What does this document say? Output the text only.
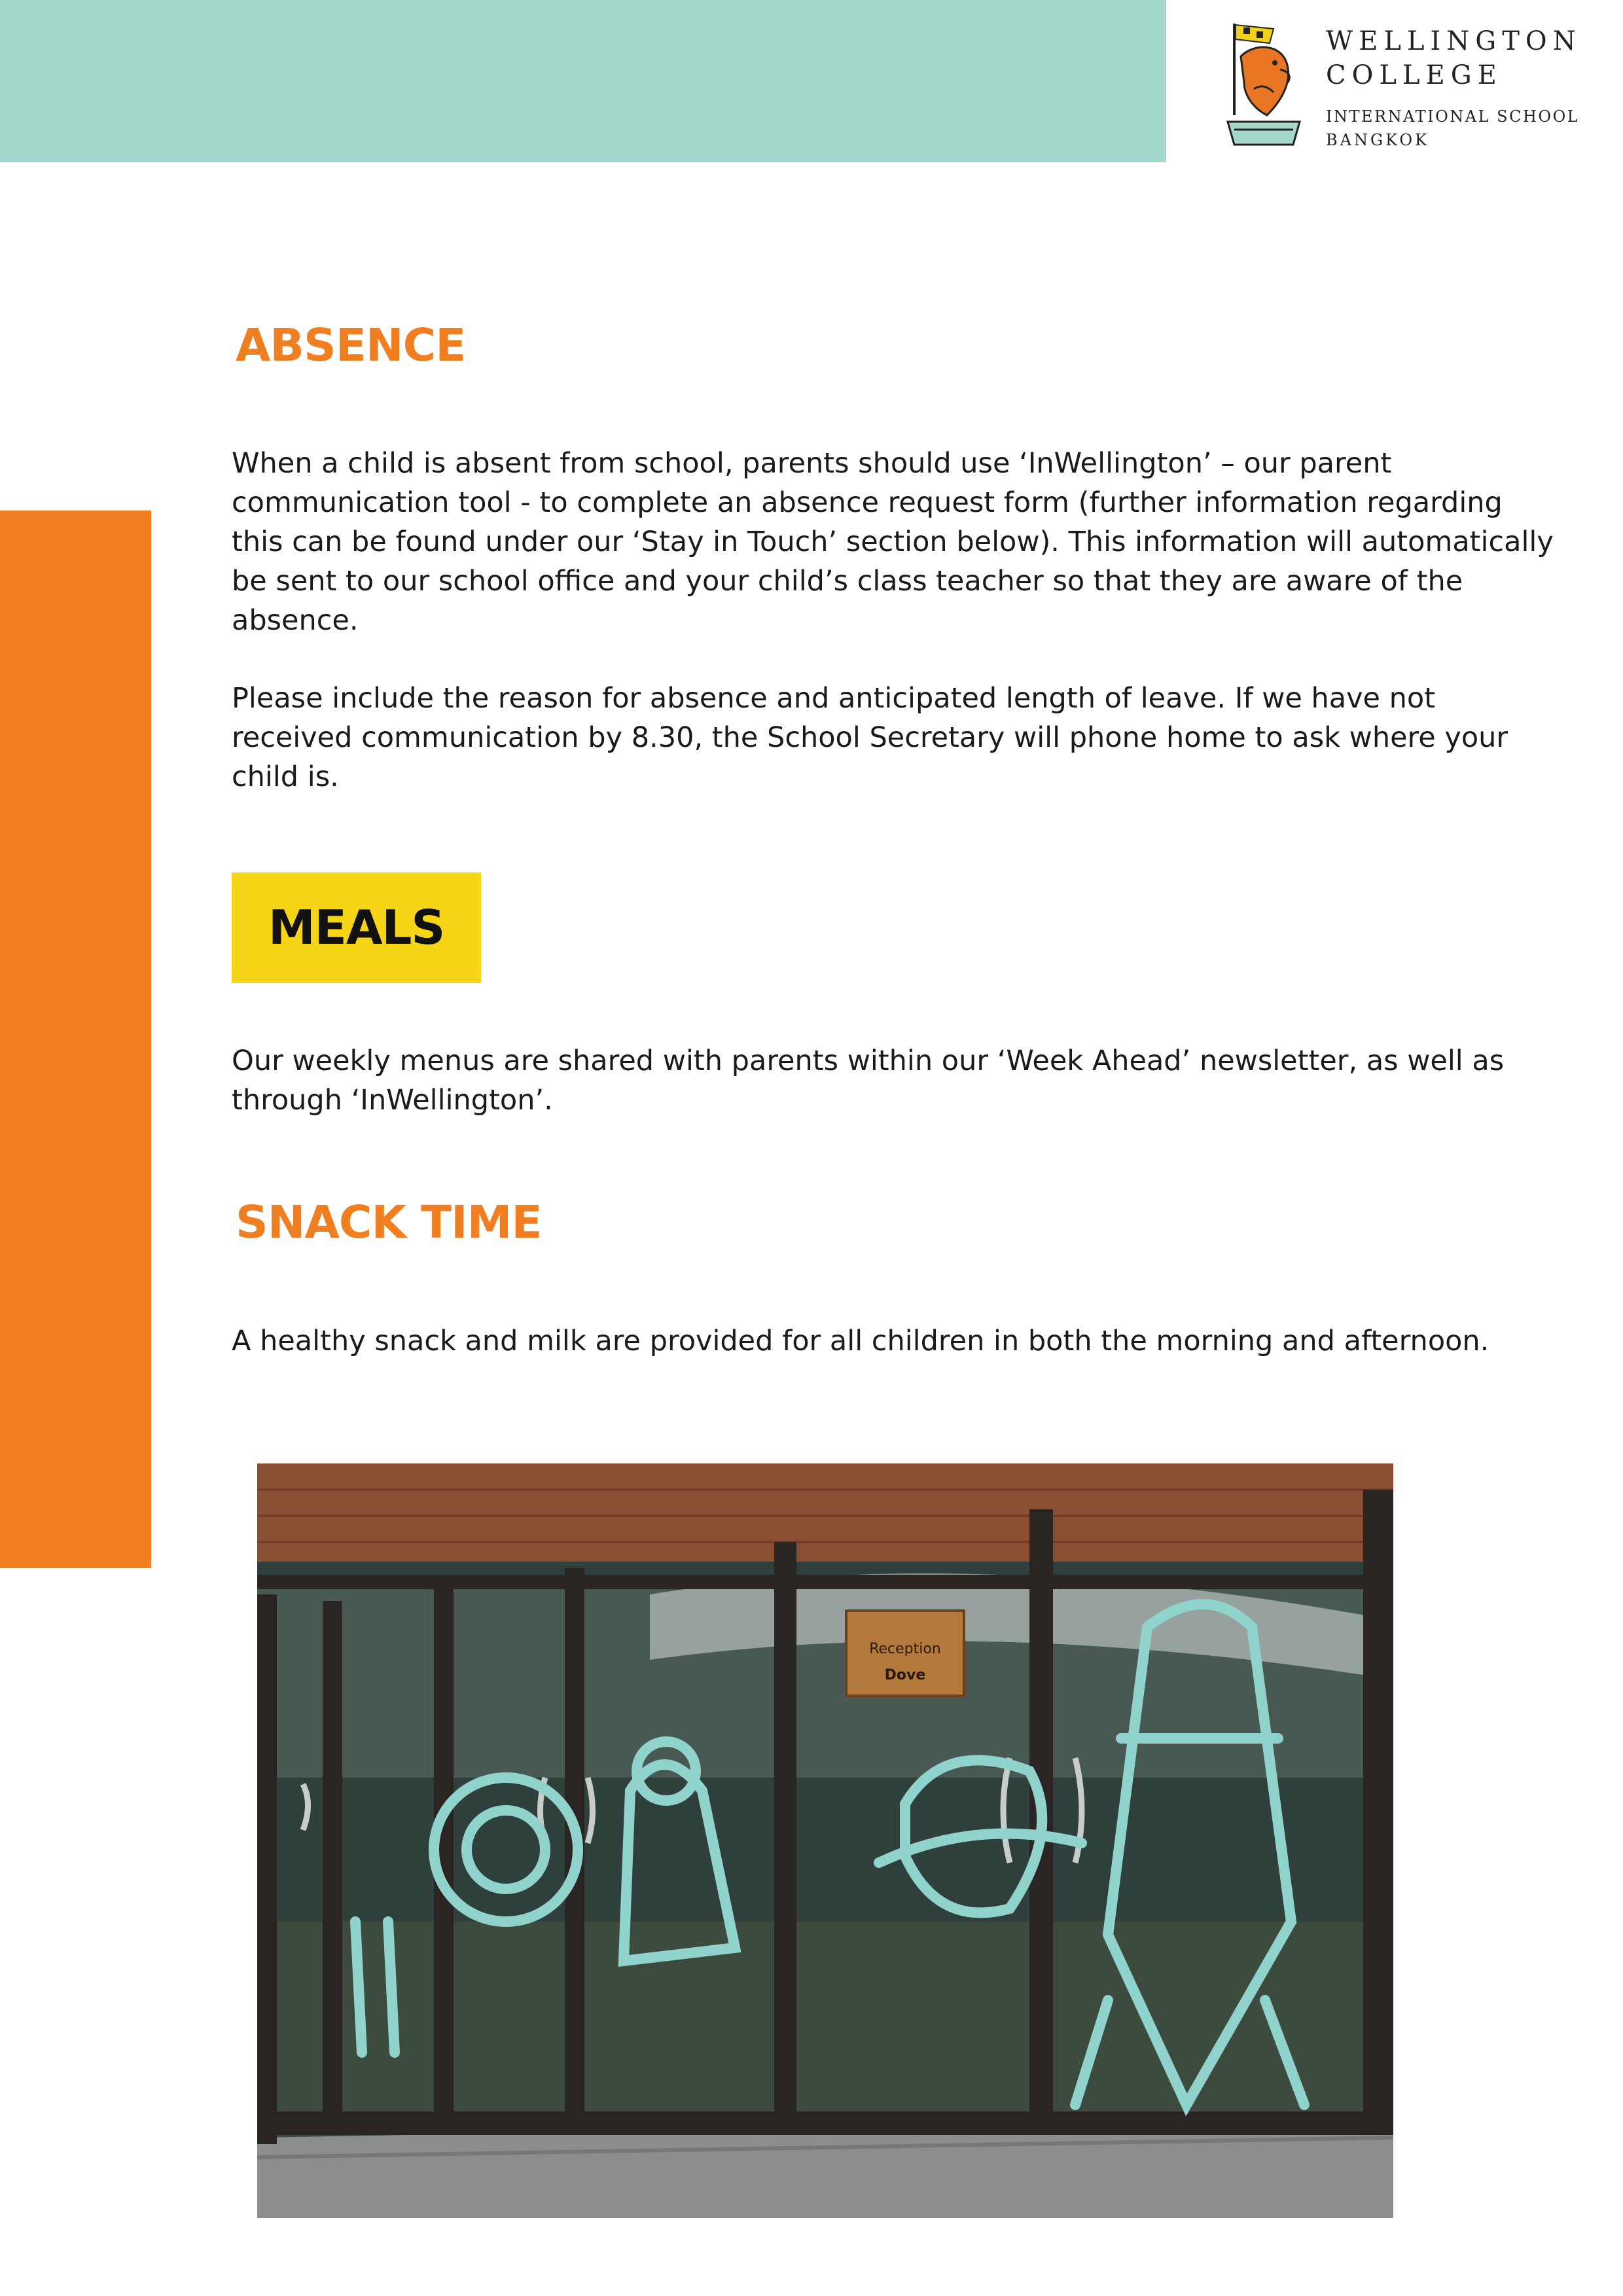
WELLINGTON
COLLEGE
INTERNATIONAL SCHOOL
BANGKOK
ABSENCE

When a child is absent from school, parents should use ‘InWellington’ – our parent communication tool - to complete an absence request form (further information regarding this can be found under our ‘Stay in Touch’ section below). This information will automatically be sent to our school office and your child’s class teacher so that they are aware of the absence.

Please include the reason for absence and anticipated length of leave. If we have not received communication by 8.30, the School Secretary will phone home to ask where your child is.

MEALS

Our weekly menus are shared with parents within our ‘Week Ahead’ newsletter, as well as through ‘InWellington’.

SNACK TIME

A healthy snack and milk are provided for all children in both the morning and afternoon.

Reception
Dove
